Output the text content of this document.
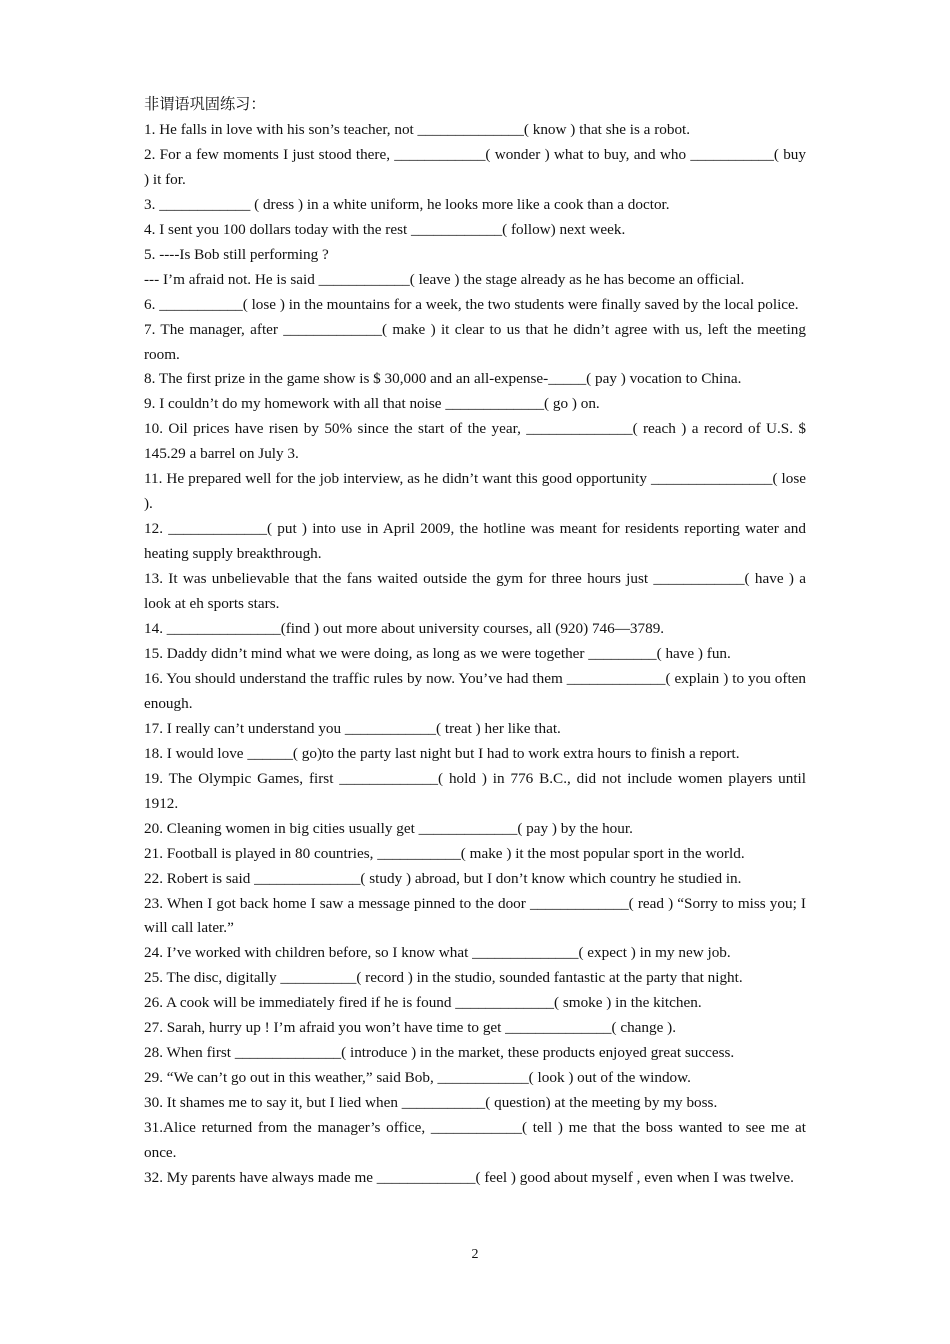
非谓语巩固练习：
1. He falls in love with his son’s teacher, not ______________( know ) that she is a robot.
2. For a few moments I just stood there, ____________( wonder ) what to buy, and who ___________( buy ) it for.
3. ____________ ( dress ) in a white uniform, he looks more like a cook than a doctor.
4. I sent you 100 dollars today with the rest ____________( follow) next week.
5. ----Is Bob still performing ?
--- I’m afraid not. He is said ____________( leave ) the stage already as he has become an official.
6. ___________( lose ) in the mountains for a week, the two students were finally saved by the local police.
7. The manager, after _____________( make ) it clear to us that he didn’t agree with us, left the meeting room.
8. The first prize in the game show is $ 30,000 and an all-expense-_____( pay ) vocation to China.
9. I couldn’t do my homework with all that noise _____________( go ) on.
10. Oil prices have risen by 50% since the start of the year, ______________( reach ) a record of U.S. $ 145.29 a barrel on July 3.
11. He prepared well for the job interview, as he didn’t want this good opportunity ________________( lose ).
12. _____________( put ) into use in April 2009, the hotline was meant for residents reporting water and heating supply breakthrough.
13. It was unbelievable that the fans waited outside the gym for three hours just ____________( have ) a look at eh sports stars.
14. _______________(find ) out more about university courses, all (920) 746—3789.
15. Daddy didn’t mind what we were doing, as long as we were together _________( have ) fun.
16. You should understand the traffic rules by now. You’ve had them _____________( explain ) to you often enough.
17. I really can’t understand you ____________( treat ) her like that.
18. I would love ______( go)to the party last night but I had to work extra hours to finish a report.
19. The Olympic Games, first _____________( hold ) in 776 B.C., did not include women players until 1912.
20. Cleaning women in big cities usually get _____________( pay ) by the hour.
21. Football is played in 80 countries, ___________( make ) it the most popular sport in the world.
22. Robert is said ______________( study ) abroad, but I don’t know which country he studied in.
23. When I got back home I saw a message pinned to the door _____________( read ) “Sorry to miss you; I will call later.”
24. I’ve worked with children before, so I know what ______________( expect ) in my new job.
25. The disc, digitally __________( record ) in the studio, sounded fantastic at the party that night.
26. A cook will be immediately fired if he is found _____________( smoke ) in the kitchen.
27. Sarah, hurry up ! I’m afraid you won’t have time to get ______________( change ).
28. When first ______________( introduce ) in the market, these products enjoyed great success.
29. “We can’t go out in this weather,” said Bob, ____________( look ) out of the window.
30. It shames me to say it, but I lied when ___________( question) at the meeting by my boss.
31.Alice returned from the manager’s office, ____________( tell ) me that the boss wanted to see me at once.
32. My parents have always made me _____________( feel ) good about myself , even when I was twelve.
2
